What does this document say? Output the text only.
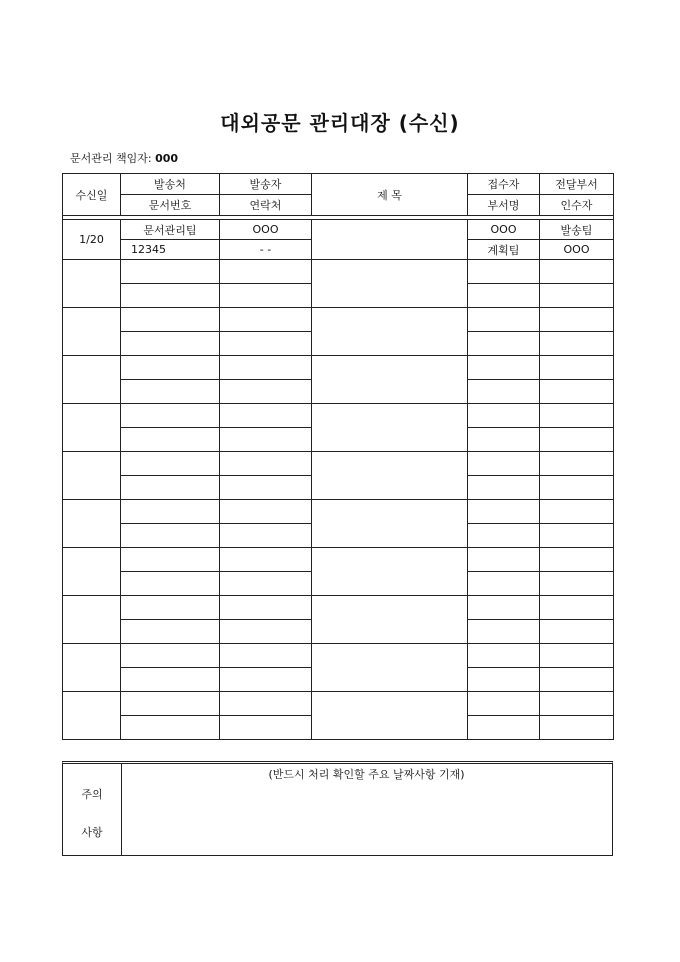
대외공문 관리대장 (수신)
문서관리 책임자: 000
수신일	발송처	발송자	제 목	접수자	전달부서
	문서번호	연락처		부서명	인수자

1/20	문서관리팀	OOO		OOO	발송팀
	12345	- -		계획팀	OOO

주의
사항
(반드시 처리 확인할 주요 날짜사항 기재)
